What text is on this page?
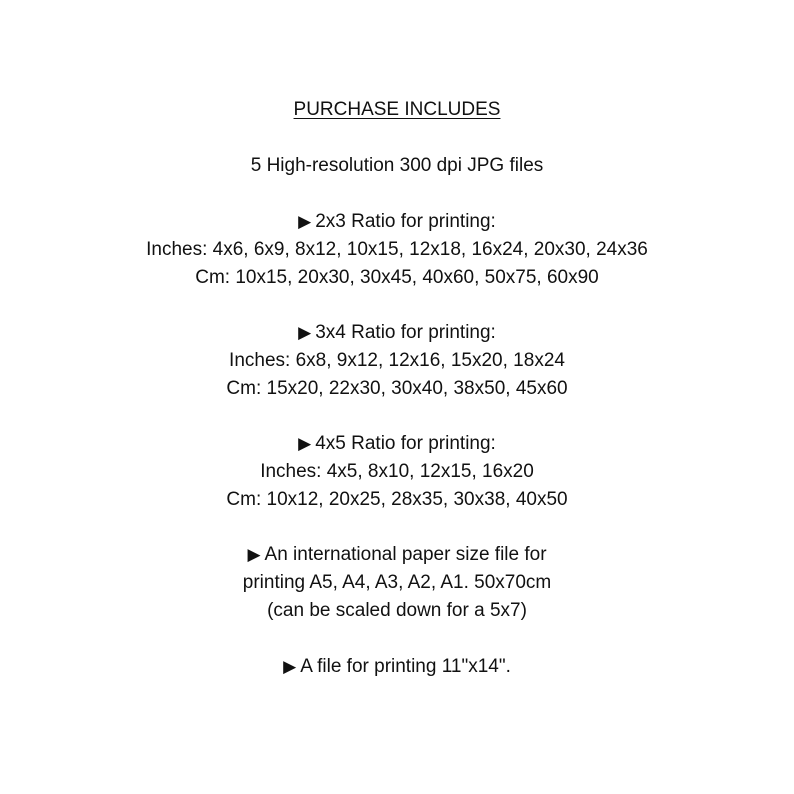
PURCHASE INCLUDES
5 High-resolution 300 dpi JPG files
▶ 2x3 Ratio for printing:
Inches: 4x6, 6x9, 8x12, 10x15, 12x18, 16x24, 20x30, 24x36
Cm: 10x15, 20x30, 30x45, 40x60, 50x75, 60x90
▶ 3x4 Ratio for printing:
Inches: 6x8, 9x12, 12x16, 15x20, 18x24
Cm: 15x20, 22x30, 30x40, 38x50, 45x60
▶ 4x5 Ratio for printing:
Inches: 4x5, 8x10, 12x15, 16x20
Cm: 10x12, 20x25, 28x35, 30x38, 40x50
▶ An international paper size file for
printing A5, A4, A3, A2, A1. 50x70cm
(can be scaled down for a 5x7)
▶ A file for printing 11"x14".
